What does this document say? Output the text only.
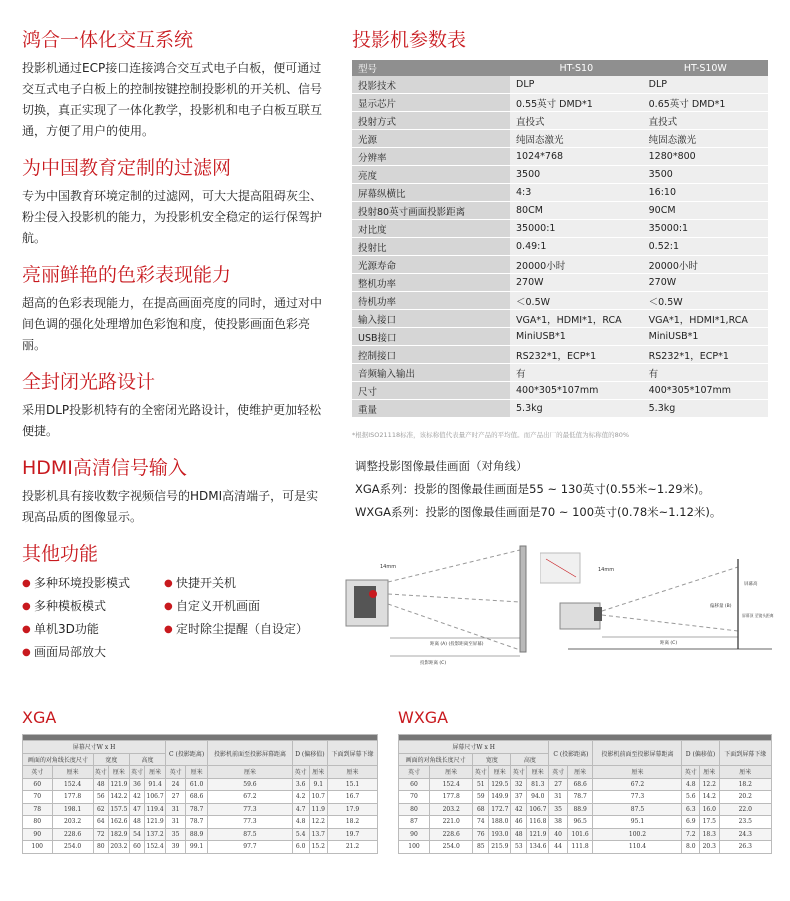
鸿合一体化交互系统

投影机通过ECP接口连接鸿合交互式电子白板，便可通过交互式电子白板上的控制按键控制投影机的开关机、信号切换，真正实现了一体化教学，投影机和电子白板互联互通，方便了用户的使用。

为中国教育定制的过滤网

专为中国教育环境定制的过滤网，可大大提高阻碍灰尘、粉尘侵入投影机的能力，为投影机安全稳定的运行保驾护航。

亮丽鲜艳的色彩表现能力

超高的色彩表现能力，在提高画面亮度的同时，通过对中间色调的强化处理增加色彩饱和度，使投影画面色彩亮丽。

全封闭光路设计

采用DLP投影机特有的全密闭光路设计，使维护更加轻松便捷。

HDMI高清信号输入

投影机具有接收数字视频信号的HDMI高清端子，可是实现高品质的图像显示。

其他功能
● 多种环境投影模式	● 快捷开关机
● 多种模板模式	● 自定义开机画面
● 单机3D功能	● 定时除尘提醒（自设定）
● 画面局部放大
投影机参数表
型号	HT-S10	HT-S10W
投影技术	DLP	DLP
显示芯片	0.55英寸 DMD*1	0.65英寸 DMD*1
投射方式	直投式	直投式
光源	纯固态激光	纯固态激光
分辨率	1024*768	1280*800
亮度	3500	3500
屏幕纵横比	4:3	16:10
投射80英寸画面投影距离	80CM	90CM
对比度	35000:1	35000:1
投射比	0.49:1	0.52:1
光源寿命	20000小时	20000小时
整机功率	270W	270W
待机功率	＜0.5W	＜0.5W
输入接口	VGA*1，HDMI*1，RCA	VGA*1，HDMI*1,RCA
USB接口	MiniUSB*1	MiniUSB*1
控制接口	RS232*1，ECP*1	RS232*1，ECP*1
音频输入输出	有	有
尺寸	400*305*107mm	400*305*107mm
重量	5.3kg	5.3kg
*根据ISO21118标准，该标称值代表量产时产品的平均值。而产品出厂的最低值为标称值的80%
调整投影图像最佳画面（对角线）
XGA系列：投影的图像最佳画面是55 ~ 130英寸(0.55米~1.29米)。
WXGA系列：投影的图像最佳画面是70 ~ 100英寸(0.78米~1.12米)。
14mm
距离 (A) (投影距离至屏幕)
投影距离 (C)
14mm
屏幕高
偏移量 (B)
距离 (C)
屏幕顶 至镜头距离
XGA

屏幕尺寸W x H						C (投影距离)		投影机前面至投影屏幕距离	D (偏移值)		下面到屏幕下缘
画面的对角线长度尺寸		宽度		高度							
英寸	厘米	英寸	厘米	英寸	厘米	英寸	厘米	厘米	英寸	厘米	厘米
60	152.4	48	121.9	36	91.4	24	61.0	59.6	3.6	9.1	15.1
70	177.8	56	142.2	42	106.7	27	68.6	67.2	4.2	10.7	16.7
78	198.1	62	157.5	47	119.4	31	78.7	77.3	4.7	11.9	17.9
80	203.2	64	162.6	48	121.9	31	78.7	77.3	4.8	12.2	18.2
90	228.6	72	182.9	54	137.2	35	88.9	87.5	5.4	13.7	19.7
100	254.0	80	203.2	60	152.4	39	99.1	97.7	6.0	15.2	21.2
WXGA

屏幕尺寸W x H						C (投影距离)		投影机前面至投影屏幕距离	D (偏移值)		下面到屏幕下缘
画面的对角线长度尺寸		宽度		高度							
英寸	厘米	英寸	厘米	英寸	厘米	英寸	厘米	厘米	英寸	厘米	厘米
60	152.4	51	129.5	32	81.3	27	68.6	67.2	4.8	12.2	18.2
70	177.8	59	149.9	37	94.0	31	78.7	77.3	5.6	14.2	20.2
80	203.2	68	172.7	42	106.7	35	88.9	87.5	6.3	16.0	22.0
87	221.0	74	188.0	46	116.8	38	96.5	95.1	6.9	17.5	23.5
90	228.6	76	193.0	48	121.9	40	101.6	100.2	7.2	18.3	24.3
100	254.0	85	215.9	53	134.6	44	111.8	110.4	8.0	20.3	26.3
